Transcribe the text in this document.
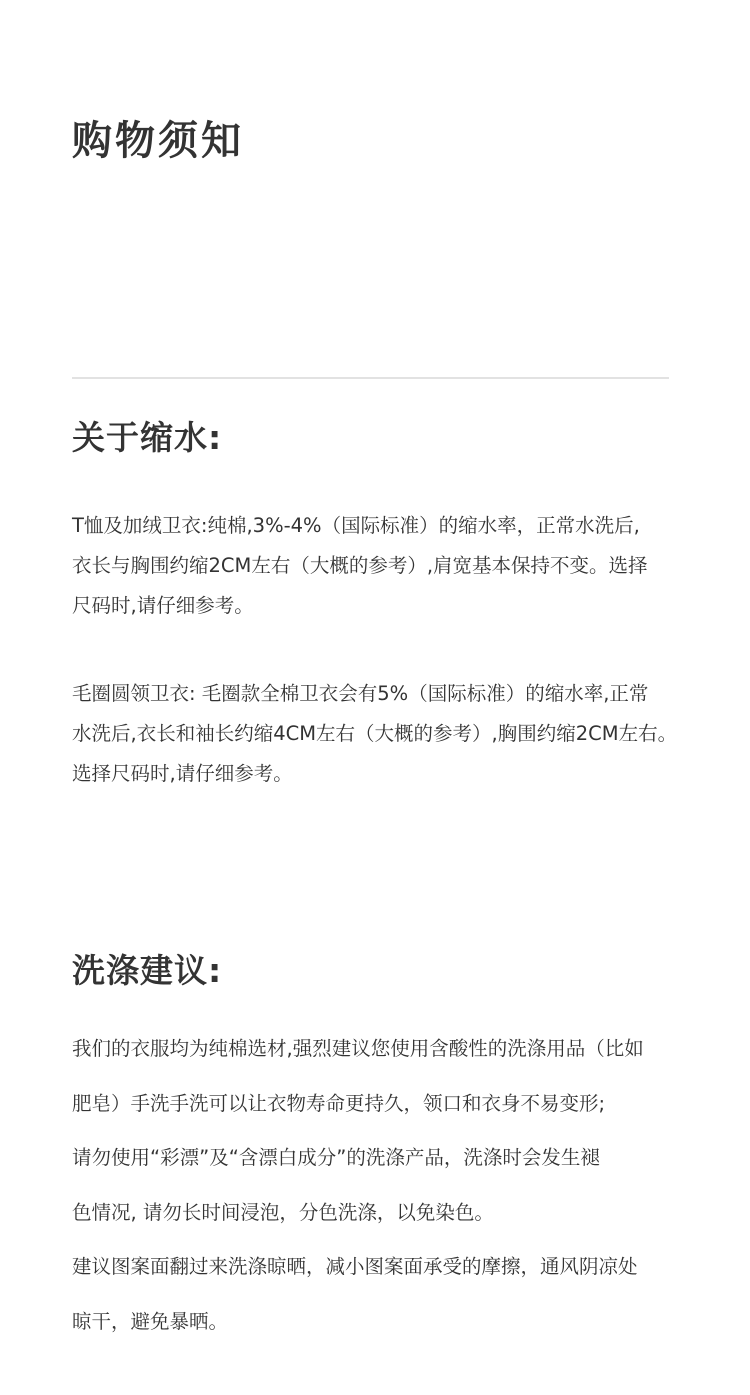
购物须知
关于缩水:

T恤及加绒卫衣:纯棉,3%-4%（国际标准）的缩水率，正常水洗后,
衣长与胸围约缩2CM左右（大概的参考）,肩宽基本保持不变。选择
尺码时,请仔细参考。

毛圈圆领卫衣: 毛圈款全棉卫衣会有5%（国际标准）的缩水率,正常
水洗后,衣长和袖长约缩4CM左右（大概的参考）,胸围约缩2CM左右。
选择尺码时,请仔细参考。

洗涤建议:

我们的衣服均为纯棉选材,强烈建议您使用含酸性的洗涤用品（比如
肥皂）手洗手洗可以让衣物寿命更持久，领口和衣身不易变形;
请勿使用“彩漂”及“含漂白成分”的洗涤产品，洗涤时会发生褪
色情况, 请勿长时间浸泡，分色洗涤，以免染色。
建议图案面翻过来洗涤晾晒，减小图案面承受的摩擦，通风阴凉处
晾干，避免暴晒。
